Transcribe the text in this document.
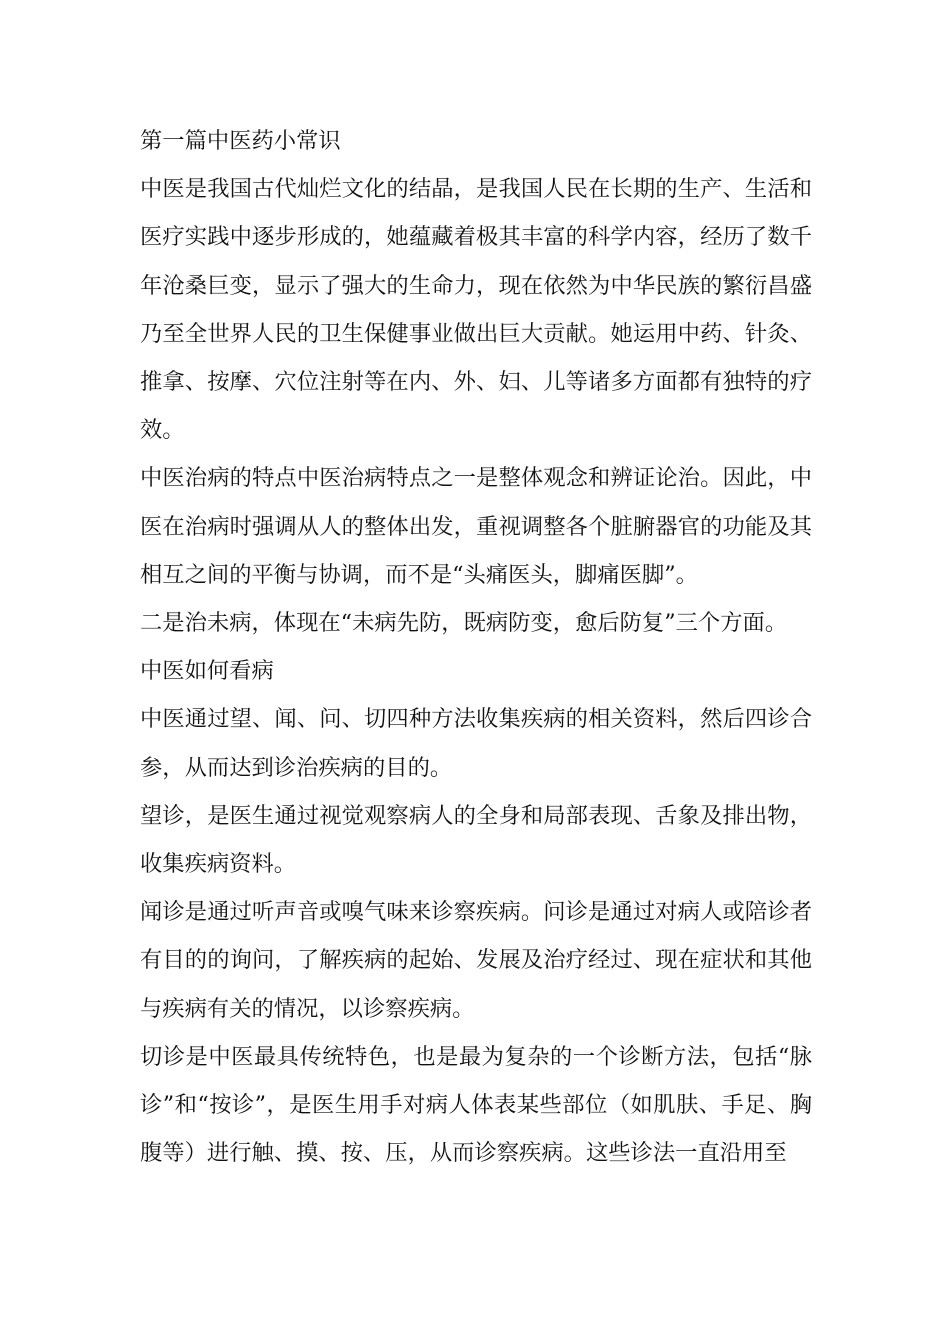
第一篇中医药小常识

中医是我国古代灿烂文化的结晶，是我国人民在长期的生产、生活和医疗实践中逐步形成的，她蕴藏着极其丰富的科学内容，经历了数千年沧桑巨变，显示了强大的生命力，现在依然为中华民族的繁衍昌盛乃至全世界人民的卫生保健事业做出巨大贡献。她运用中药、针灸、推拿、按摩、穴位注射等在内、外、妇、儿等诸多方面都有独特的疗效。

中医治病的特点中医治病特点之一是整体观念和辨证论治。因此，中医在治病时强调从人的整体出发，重视调整各个脏腑器官的功能及其相互之间的平衡与协调，而不是“头痛医头，脚痛医脚”。

二是治未病，体现在“未病先防，既病防变，愈后防复”三个方面。

中医如何看病

中医通过望、闻、问、切四种方法收集疾病的相关资料，然后四诊合参，从而达到诊治疾病的目的。

望诊，是医生通过视觉观察病人的全身和局部表现、舌象及排出物，收集疾病资料。

闻诊是通过听声音或嗅气味来诊察疾病。问诊是通过对病人或陪诊者有目的的询问，了解疾病的起始、发展及治疗经过、现在症状和其他与疾病有关的情况，以诊察疾病。

切诊是中医最具传统特色，也是最为复杂的一个诊断方法，包括“脉诊”和“按诊”，是医生用手对病人体表某些部位（如肌肤、手足、胸腹等）进行触、摸、按、压，从而诊察疾病。这些诊法一直沿用至
